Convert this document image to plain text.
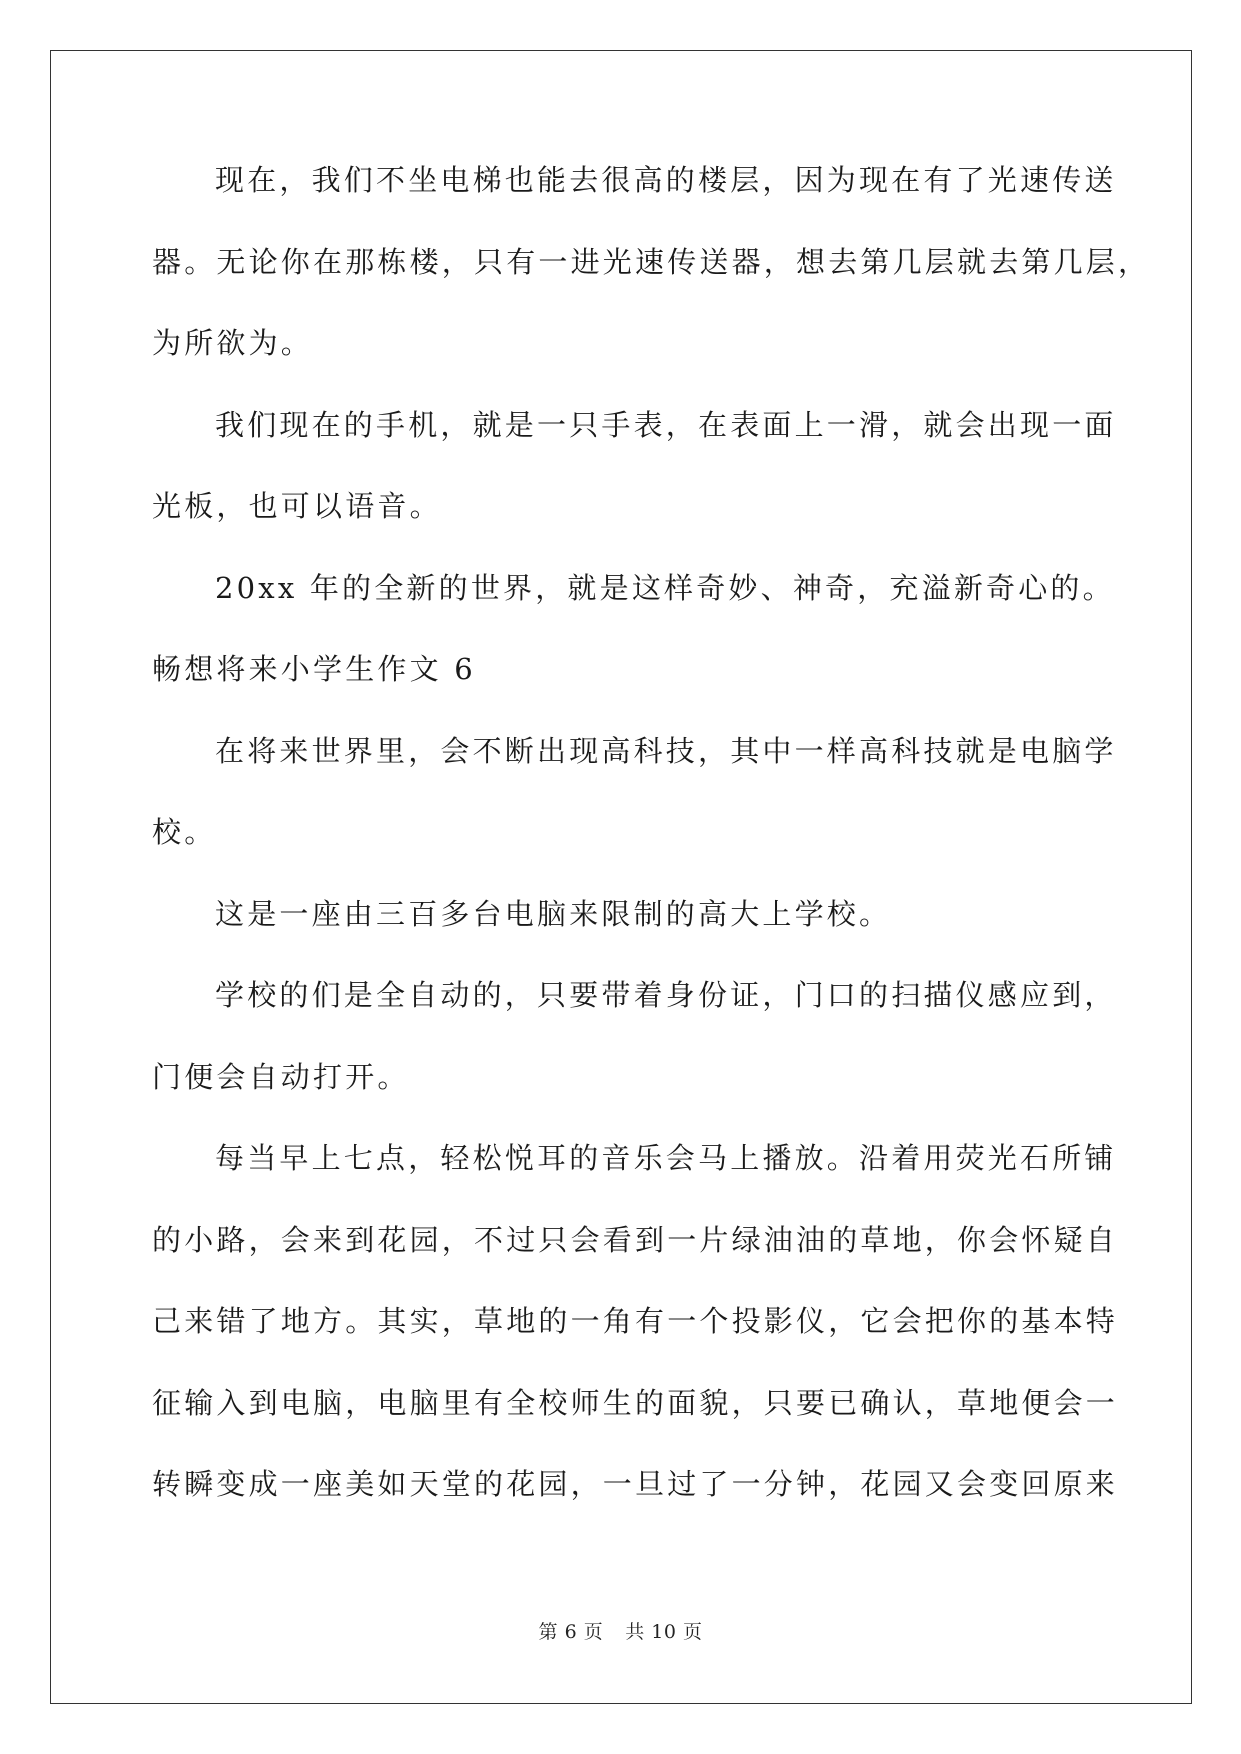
现在，我们不坐电梯也能去很高的楼层，因为现在有了光速传送
器。无论你在那栋楼，只有一进光速传送器，想去第几层就去第几层，
为所欲为。
我们现在的手机，就是一只手表，在表面上一滑，就会出现一面
光板，也可以语音。
20xx 年的全新的世界，就是这样奇妙、神奇，充溢新奇心的。
畅想将来小学生作文 6
在将来世界里，会不断出现高科技，其中一样高科技就是电脑学
校。
这是一座由三百多台电脑来限制的高大上学校。
学校的们是全自动的，只要带着身份证，门口的扫描仪感应到，
门便会自动打开。
每当早上七点，轻松悦耳的音乐会马上播放。沿着用荧光石所铺
的小路，会来到花园，不过只会看到一片绿油油的草地，你会怀疑自
己来错了地方。其实，草地的一角有一个投影仪，它会把你的基本特
征输入到电脑，电脑里有全校师生的面貌，只要已确认，草地便会一
转瞬变成一座美如天堂的花园，一旦过了一分钟，花园又会变回原来
第 6 页 共 10 页
